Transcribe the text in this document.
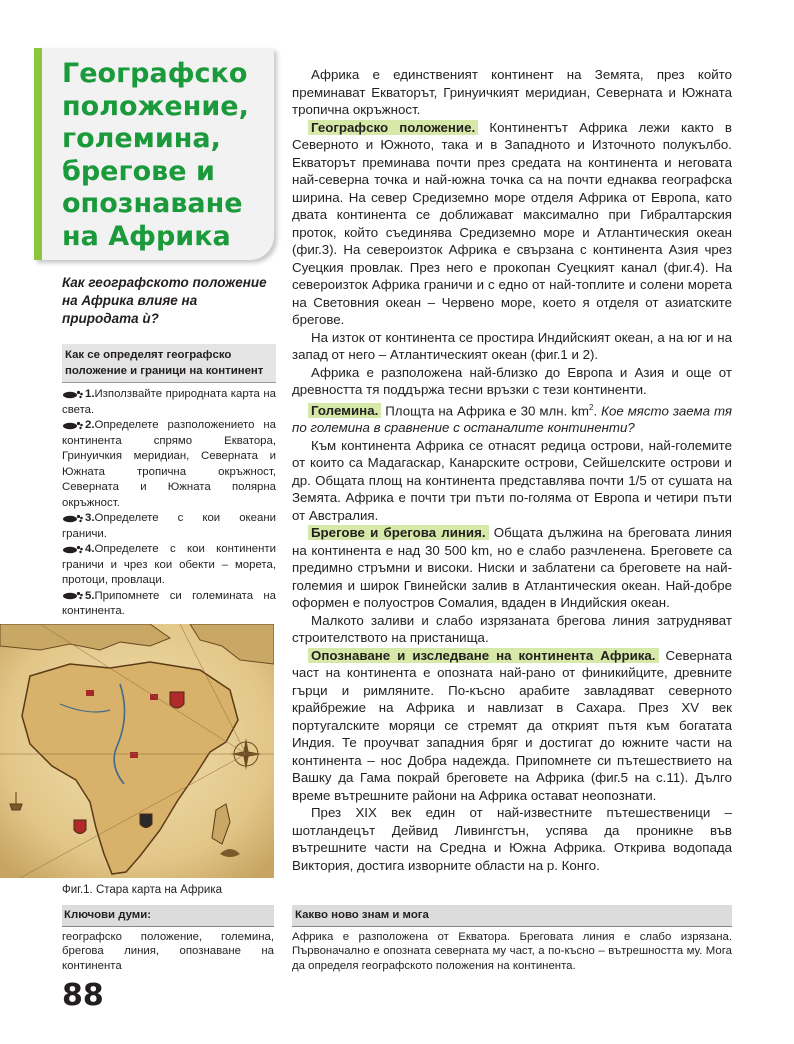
Географско положение, големина, брегове и опознаване на Африка
Как географското положение на Африка влияе на природата ѝ?
Как се определят географско положение и граници на континент
1.Използвайте природната карта на света.
2.Определете разположението на континента спрямо Екватора, Гринуичкия меридиан, Северната и Южната тропична окръжност, Северната и Южната полярна окръжност.
3.Определете с кои океани граничи.
4.Определете с кои континенти граничи и чрез кои обекти – морета, протоци, провлаци.
5.Припомнете си големината на континента.
Фиг.1. Стара карта на Африка
Ключови думи:
географско положение, големина, брегова линия, опознаване на континента
88

Африка е единственият континент на Земята, през който преминават Екваторът, Гринуичкият меридиан, Северната и Южната тропична окръжност.

Географско положение. Континентът Африка лежи както в Северното и Южното, така и в Западното и Източното полукълбо. Екваторът преминава почти през средата на континента и неговата най-северна точка и най-южна точка са на почти еднаква географска ширина. На север Средиземно море отделя Африка от Европа, като двата континента се доближават максимално при Гибралтарския проток, който съединява Средиземно море и Атлантическия океан (фиг.3). На североизток Африка е свързана с континента Азия чрез Суецкия провлак. През него е прокопан Суецкият канал (фиг.4). На североизток Африка граничи и с едно от най-топлите и солени морета на Световния океан – Червено море, което я отделя от азиатските брегове.

На изток от континента се простира Индийският океан, а на юг и на запад от него – Атлантическият океан (фиг.1 и 2).

Африка е разположена най-близко до Европа и Азия и още от древността тя поддържа тесни връзки с тези континенти.

Големина. Площта на Африка е 30 млн. $km^2$. Кое място заема тя по големина в сравнение с останалите континенти?

Към континента Африка се отнасят редица острови, най-големите от които са Мадагаскар, Канарските острови, Сейшелските острови и др. Общата площ на континента представлява почти 1/5 от сушата на Земята. Африка е почти три пъти по-голяма от Европа и четири пъти от Австралия.

Брегове и брегова линия. Общата дължина на бреговата линия на континента е над 30 500 km, но е слабо разчленена. Бреговете са предимно стръмни и високи. Ниски и заблатени са бреговете на най-големия и широк Гвинейски залив в Атлантическия океан. Най-добре оформен е полуостров Сомалия, вдаден в Индийския океан.

Малкото заливи и слабо изрязаната брегова линия затрудняват строителството на пристанища.

Опознаване и изследване на континента Африка. Северната част на континента е опозната най-рано от финикийците, древните гърци и римляните. По-късно арабите завладяват северното крайбрежие на Африка и навлизат в Сахара. През XV век португалските моряци се стремят да открият пътя към богатата Индия. Те проучват западния бряг и достигат до южните части на континента – нос Добра надежда. Припомнете си пътешествието на Вашку да Гама покрай бреговете на Африка (фиг.5 на с.11). Дълго време вътрешните райони на Африка остават неопознати.

През XIX век един от най-известните пътешественици – шотландецът Дейвид Ливингстън, успява да проникне във вътрешните части на Средна и Южна Африка. Открива водопада Виктория, достига изворните области на р. Конго.

Какво ново знам и мога
Африка е разположена от Екватора. Бреговата линия е слабо изрязана. Първоначално е опозната северната му част, а по-късно – вътрешността му. Мога да определя географското положения на континента.
